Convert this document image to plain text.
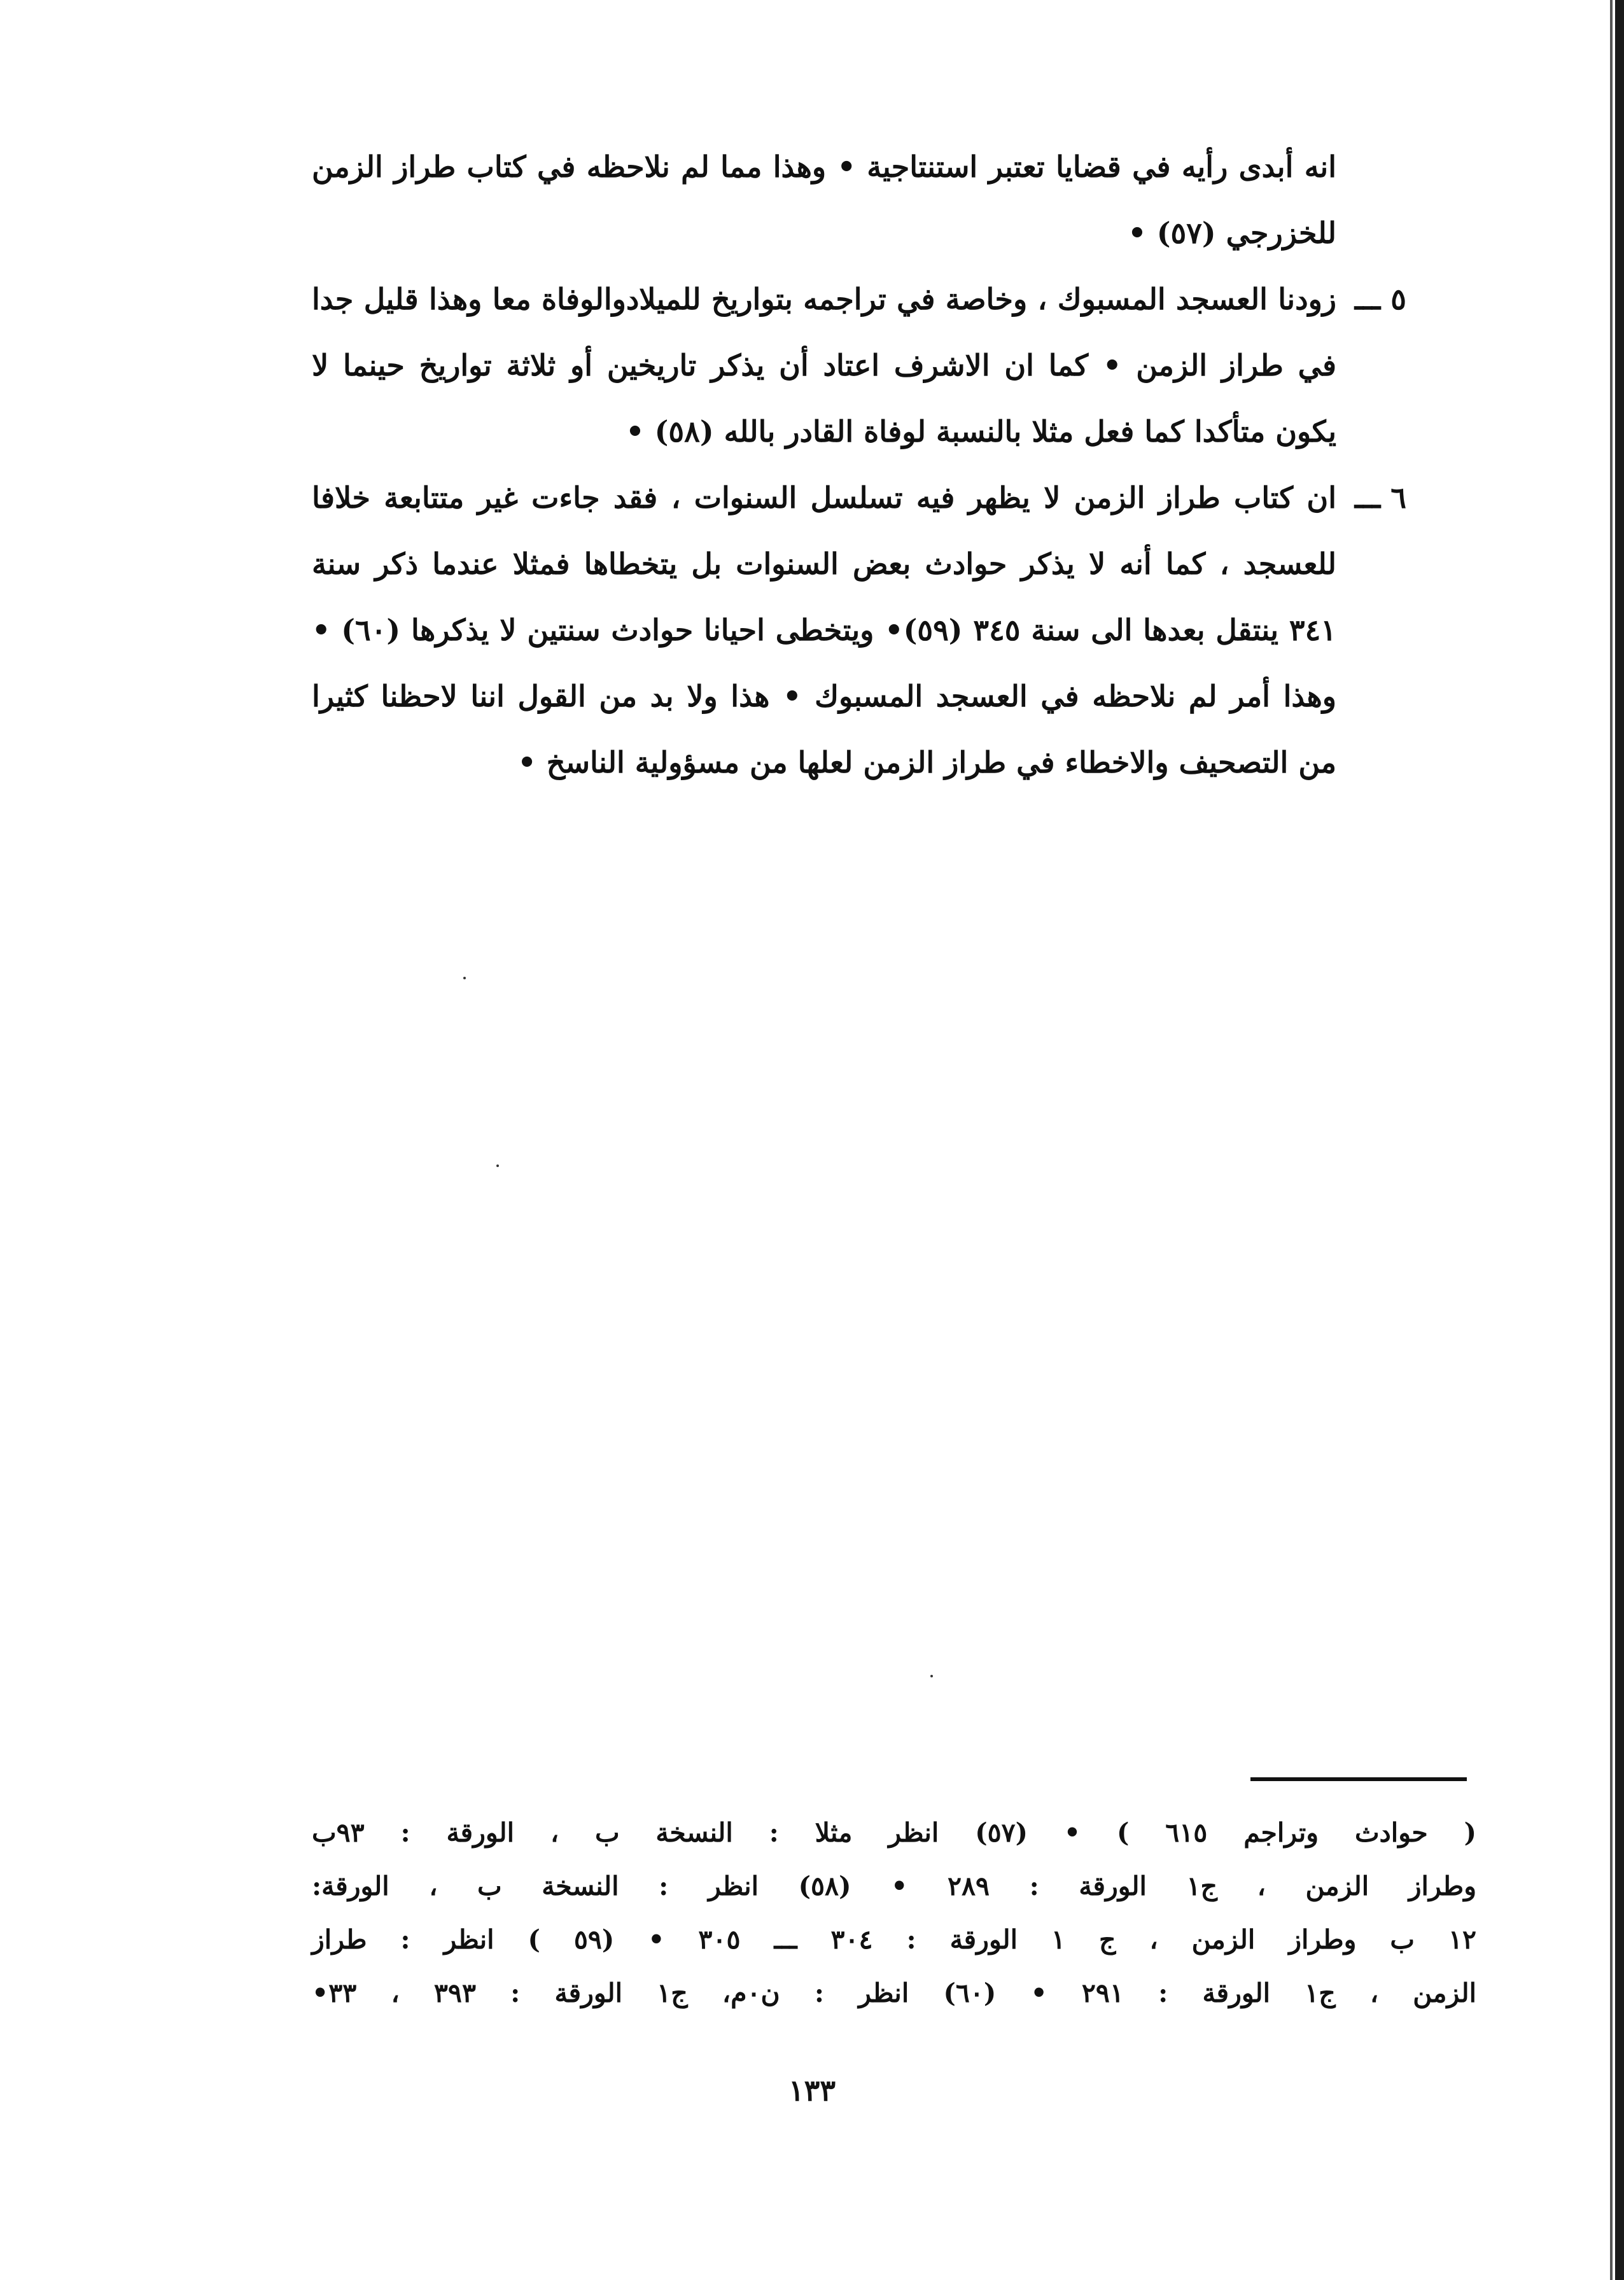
انه أبدى رأيه في قضايا تعتبر استنتاجية • وهذا مما لم نلاحظه في كتاب طراز الزمن للخزرجي (٥٧) •

٥ ـــ
زودنا العسجد المسبوك ، وخاصة في تراجمه بتواريخ للميلادوالوفاة معا وهذا قليل جدا في طراز الزمن • كما ان الاشرف اعتاد أن يذكر تاريخين أو ثلاثة تواريخ حينما لا يكون متأكدا كما فعل مثلا بالنسبة لوفاة القادر بالله (٥٨) •
٦ ـــ
ان كتاب طراز الزمن لا يظهر فيه تسلسل السنوات ، فقد جاءت غير متتابعة خلافا للعسجد ، كما أنه لا يذكر حوادث بعض السنوات بل يتخطاها فمثلا عندما ذكر سنة ٣٤١ ينتقل بعدها الى سنة ٣٤٥ (٥٩)• ويتخطى احيانا حوادث سنتين لا يذكرها (٦٠) • وهذا أمر لم نلاحظه في العسجد المسبوك • هذا ولا بد من القول اننا لاحظنا كثيرا من التصحيف والاخطاء في طراز الزمن لعلها من مسؤولية الناسخ •

( حوادث وتراجم ٦١٥ ) • (٥٧) انظر مثلا : النسخة ب ، الورقة : ٩٣ب

وطراز الزمن ، ج١ الورقة : ٢٨٩ • (٥٨) انظر : النسخة ب ، الورقة:

١٢ ب وطراز الزمن ، ج ١ الورقة : ٣٠٤ ـــ ٣٠٥ • (٥٩ ) انظر : طراز

الزمن ، ج١ الورقة : ٢٩١ • (٦٠) انظر : ن٠م، ج١ الورقة : ٣٩٣ ، ٣٣•

١٣٣
